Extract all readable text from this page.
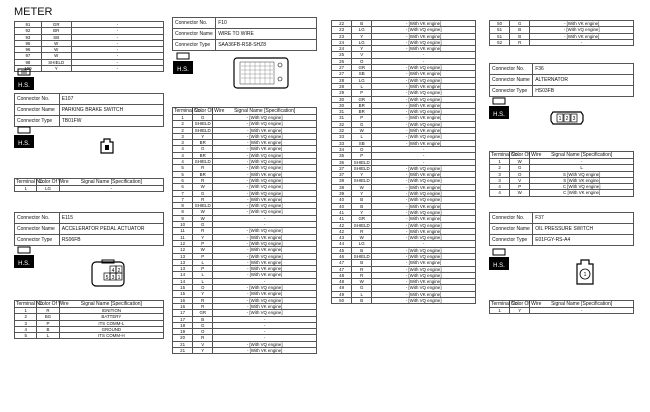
METER
91	GR	-
92	BR	-
93	SB	-
95	W	-
96	W	-
97	W	-
98	SHIELD	-
100	Y	-
H.S.
Connector No.	E107
Connector Name	PARKING BRAKE SWITCH
Connector Type	TB01FW
H.S.
Terminal No.	Color Of Wire	Signal Name [Specification]
1	LG	-
Connector No.	E115
Connector Name	ACCELERATOR PEDAL ACTUATOR
Connector Type	RS06FB
H.S.
4 2
5 3 1
Terminal No.	Color Of Wire	Signal Name [Specification]
1	R	IGNITION
2	BG	BATTERY
3	P	ITS COMM-L
4	B	GROUND
5	L	ITS COMM-H
Connector No.	F10
Connector Name	WIRE TO WIRE
Connector Type	SAA36FB-RS8-SHZ8
H.S.
Terminal No.	Color Of Wire	Signal Name [Specification]
1	G	- [With VQ engine]
2	SHIELD	- [With VQ engine]
2	SHIELD	- [With VK engine]
3	Y	- [With VQ engine]
3	BR	- [With VK engine]
4	G	- [With VK engine]
4	BR	- [With VQ engine]
4	SHIELD	- [With VQ engine]
5	R	- [With VQ engine]
5	BR	- [With VK engine]
6	R	- [With VQ engine]
6	W	- [With VQ engine]
7	G	- [With VQ engine]
7	R	- [With VK engine]
8	SHIELD	- [With VQ engine]
8	W	- [With VQ engine]
9	W	-
10	G	-
11	R	- [With VQ engine]
11	Y	- [With VK engine]
12	P	- [With VQ engine]
12	W	- [With VK engine]
13	P	- [With VQ engine]
13	L	- [With VK engine]
13	P	- [With VK engine]
14	L	- [With VK engine]
14	L	-
15	O	- [With VQ engine]
15	Y	- [With VK engine]
16	R	- [With VQ engine]
16	R	- [With VK engine]
17	GR	- [With VQ engine]
17	B	-
18	G	-
19	O	-
20	R	-
21	V	- [With VQ engine]
21	Y	- [With VK engine]
22	B	- [With VK engine]
23	LG	- [With VQ engine]
23	Y	- [With VK engine]
24	LG	- [With VQ engine]
24	Y	- [With VK engine]
25	V	-
26	O	-
27	GR	- [With VQ engine]
27	SB	- [With VK engine]
28	LG	- [With VQ engine]
28	L	- [With VK engine]
29	P	- [With VQ engine]
30	GR	- [With VQ engine]
30	BR	- [With VK engine]
31	BR	- [With VQ engine]
31	P	- [With VK engine]
32	G	- [With VQ engine]
32	W	- [With VK engine]
33	L	- [With VQ engine]
33	SB	- [With VK engine]
34	O	-
35	P	-
36	SHIELD	-
37	SHIELD	- [With VQ engine]
37	Y	- [With VK engine]
38	SHIELD	- [With VQ engine]
38	W	- [With VK engine]
39	Y	- [With VQ engine]
40	B	- [With VQ engine]
40	B	- [With VK engine]
41	Y	- [With VQ engine]
41	GR	- [With VK engine]
42	SHIELD	- [With VQ engine]
42	R	- [With VK engine]
43	W	- [With VQ engine]
44	LG	-
45	B	- [With VQ engine]
46	SHIELD	- [With VQ engine]
47	B	- [With VK engine]
47	R	- [With VQ engine]
48	R	- [With VQ engine]
48	W	- [With VK engine]
49	G	- [With VQ engine]
49	L	- [With VK engine]
50	B	- [With VQ engine]
50	G	- [With VK engine]
51	B	- [With VQ engine]
51	B	- [With VK engine]
52	R	-
Connector No.	F36
Connector Name	ALTERNATOR
Connector Type	HS03FB
H.S.
1 2 3
Terminal No.	Color Of Wire	Signal Name [Specification]
1	W	-
2	G	L
3	O	S [With VQ engine]
3	V	S [With VK engine]
4	P	C [With VQ engine]
4	W	C [With VK engine]
Connector No.	F37
Connector Name	OIL PRESSURE SWITCH
Connector Type	E01FGY-RS-A4
H.S.
1
Terminal No.	Color Of Wire	Signal Name [Specification]
1	Y	-
